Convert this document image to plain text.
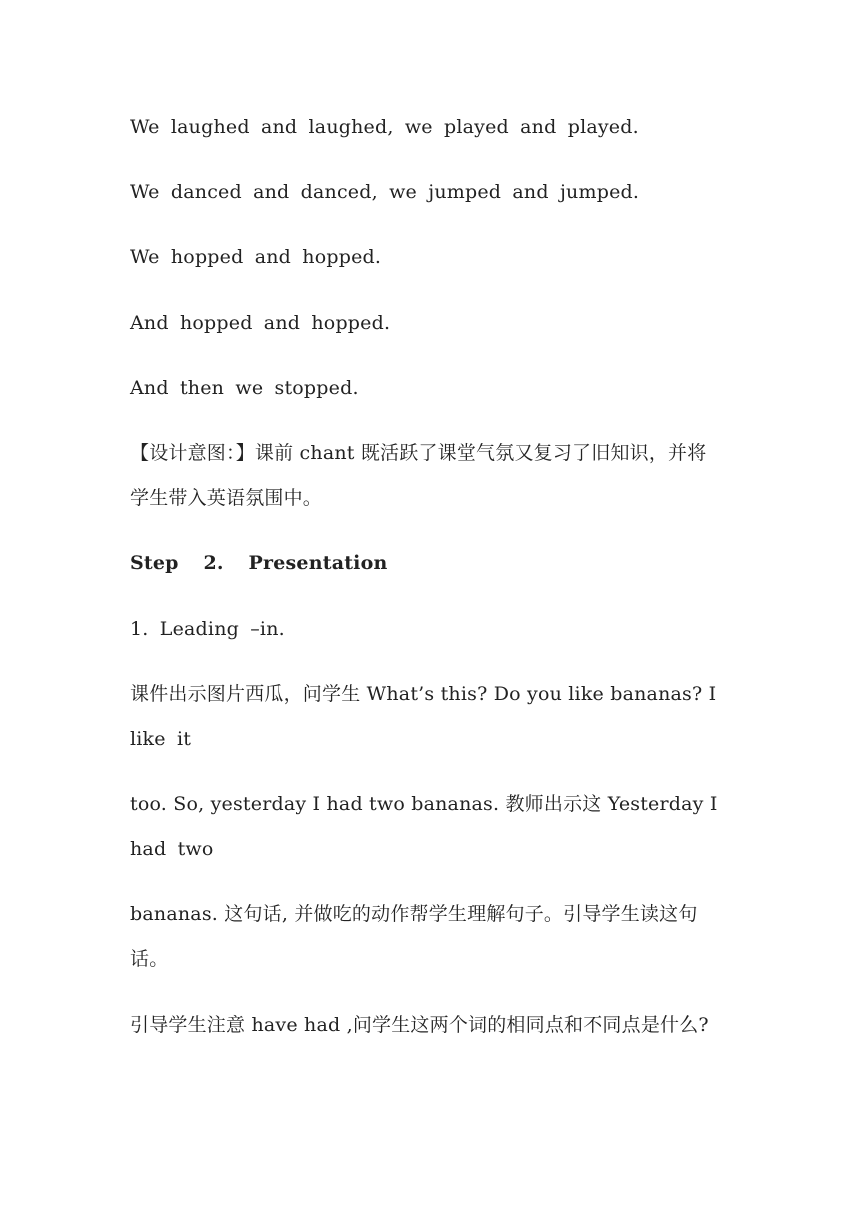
We laughed and laughed, we played and played.
We danced and danced, we jumped and jumped.
We hopped and hopped.
And hopped and hopped.
And then we stopped.
【设计意图：】课前 chant 既活跃了课堂气氛又复习了旧知识，并将
学生带入英语氛围中。
Step 2. Presentation
1. Leading –in.
课件出示图片西瓜，问学生 What’s this? Do you like bananas? I
like it
too. So, yesterday I had two bananas. 教师出示这 Yesterday I
had two
bananas. 这句话, 并做吃的动作帮学生理解句子。引导学生读这句
话。
引导学生注意 have had ,问学生这两个词的相同点和不同点是什么?
